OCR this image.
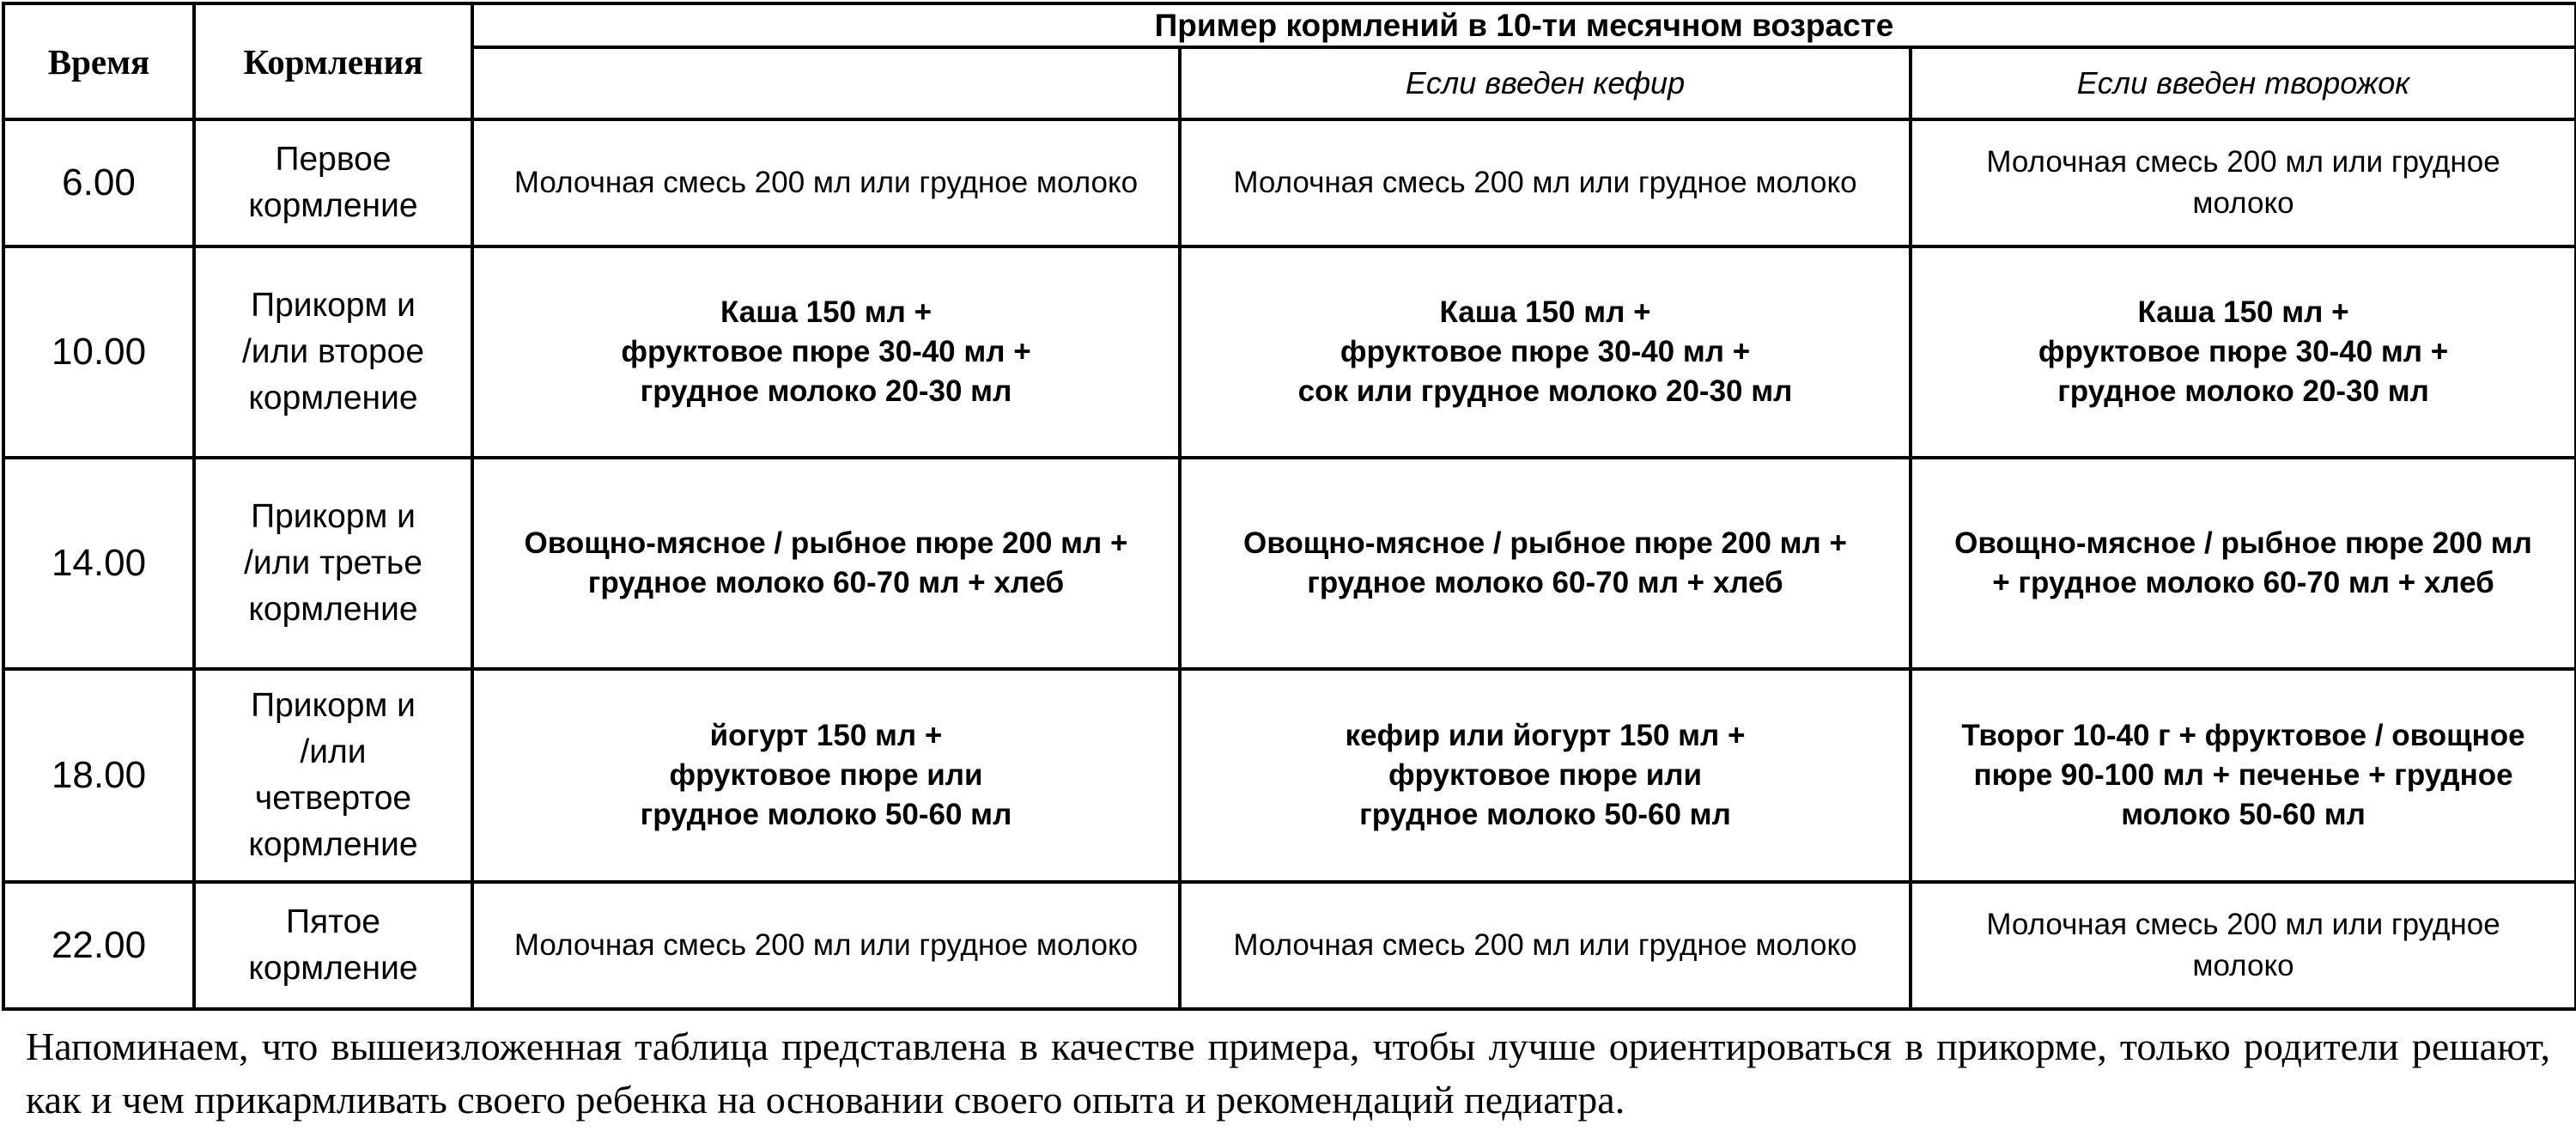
Время	Кормления	Пример кормлений в 10-ти месячном возрасте		
			Если введен кефир	Если введен творожок
6.00	Первое
кормление	Молочная смесь 200 мл или грудное молоко	Молочная смесь 200 мл или грудное молоко	Молочная смесь 200 мл или грудное
молоко

10.00	Прикорм и
/или второе
кормление	Каша 150 мл +
фруктовое пюре 30-40 мл +
грудное молоко 20-30 мл	Каша 150 мл +
фруктовое пюре 30-40 мл +
сок или грудное молоко 20-30 мл	Каша 150 мл +
фруктовое пюре 30-40 мл +
грудное молоко 20-30 мл

14.00	Прикорм и
/или третье
кормление	Овощно-мясное / рыбное пюре 200 мл +
грудное молоко 60-70 мл + хлеб	Овощно-мясное / рыбное пюре 200 мл +
грудное молоко 60-70 мл + хлеб	Овощно-мясное / рыбное пюре 200 мл
+ грудное молоко 60-70 мл + хлеб

18.00	Прикорм и
/или
четвертое
кормление	йогурт 150 мл +
фруктовое пюре или
грудное молоко 50-60 мл	кефир или йогурт 150 мл +
фруктовое пюре или
грудное молоко 50-60 мл	Творог 10-40 г + фруктовое / овощное
пюре 90-100 мл + печенье + грудное
молоко 50-60 мл

22.00	Пятое
кормление	Молочная смесь 200 мл или грудное молоко	Молочная смесь 200 мл или грудное молоко	Молочная смесь 200 мл или грудное
молоко

Напоминаем, что вышеизложенная таблица представлена в качестве примера, чтобы лучше ориентироваться в прикорме, только родители решают, как и чем прикармливать своего ребенка на основании своего опыта и рекомендаций педиатра.
